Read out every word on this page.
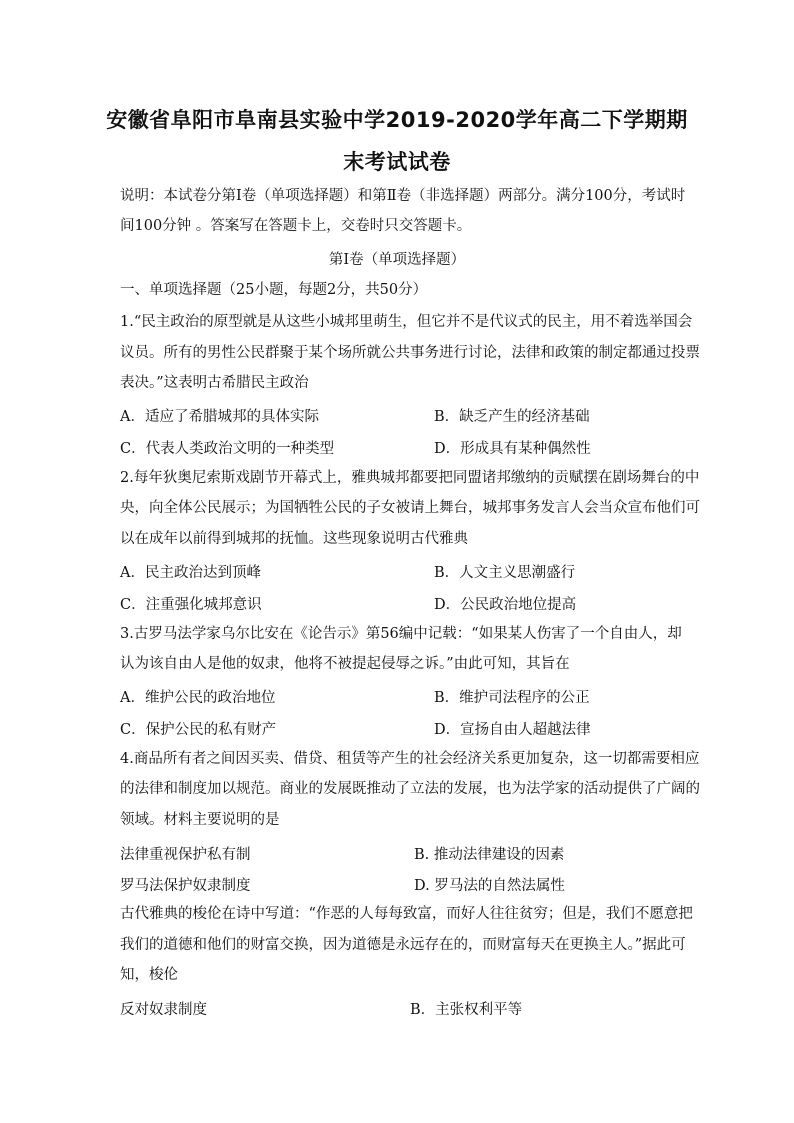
安徽省阜阳市阜南县实验中学2019-2020学年高二下学期期
末考试试卷
说明：本试卷分第Ⅰ卷（单项选择题）和第Ⅱ卷（非选择题）两部分。满分100分，考试时
间100分钟 。答案写在答题卡上，交卷时只交答题卡。
第Ⅰ卷（单项选择题）
一、单项选择题（25小题，每题2分，共50分）
1.“民主政治的原型就是从这些小城邦里萌生，但它并不是代议式的民主，用不着选举国会
议员。所有的男性公民群聚于某个场所就公共事务进行讨论，法律和政策的制定都通过投票
表决。”这表明古希腊民主政治
A．适应了希腊城邦的具体实际	B．缺乏产生的经济基础
C．代表人类政治文明的一种类型	D．形成具有某种偶然性
2.每年狄奥尼索斯戏剧节开幕式上，雅典城邦都要把同盟诸邦缴纳的贡赋摆在剧场舞台的中
央，向全体公民展示；为国牺牲公民的子女被请上舞台，城邦事务发言人会当众宣布他们可
以在成年以前得到城邦的抚恤。这些现象说明古代雅典
A．民主政治达到顶峰	B．人文主义思潮盛行
C．注重强化城邦意识	D．公民政治地位提高
3.古罗马法学家乌尔比安在《论告示》第56编中记载：“如果某人伤害了一个自由人，却
认为该自由人是他的奴隶，他将不被提起侵辱之诉。”由此可知，其旨在
A．维护公民的政治地位	B．维护司法程序的公正
C．保护公民的私有财产	D．宣扬自由人超越法律
4.商品所有者之间因买卖、借贷、租赁等产生的社会经济关系更加复杂，这一切都需要相应
的法律和制度加以规范。商业的发展既推动了立法的发展，也为法学家的活动提供了广阔的
领域。材料主要说明的是
法律重视保护私有制	B. 推动法律建设的因素
罗马法保护奴隶制度	D. 罗马法的自然法属性
古代雅典的梭伦在诗中写道：“作恶的人每每致富，而好人往往贫穷；但是，我们不愿意把
我们的道德和他们的财富交换，因为道德是永远存在的，而财富每天在更换主人。”据此可
知，梭伦
反对奴隶制度	B．主张权利平等
